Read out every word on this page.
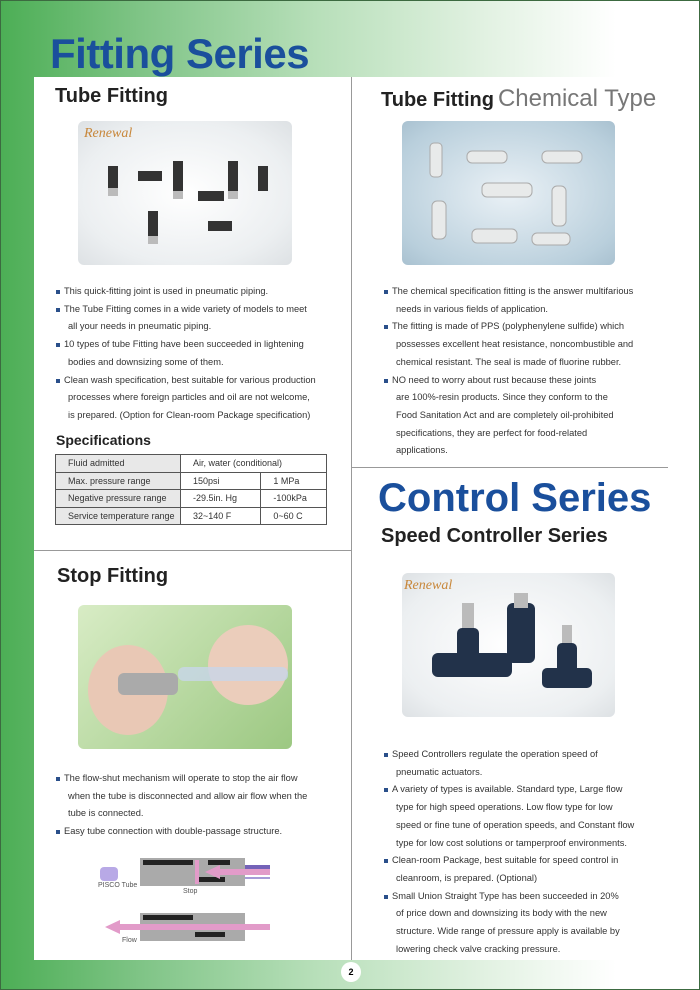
Fitting Series
Tube Fitting
Renewal
This quick-fitting joint is used in pneumatic piping.
The Tube Fitting comes in a wide variety of models to meet
all your needs in pneumatic piping.
10 types of tube Fitting have been succeeded in lightening
bodies and downsizing some of them.
Clean wash specification, best suitable for various production
processes where foreign particles and oil are not welcome,
is prepared. (Option for Clean-room Package specification)
Specifications
Fluid admitted	Air, water (conditional)	
Max. pressure range	150psi	1 MPa
Negative pressure range	-29.5in. Hg	-100kPa
Service temperature range	32~140 F	0~60 C
Tube Fitting Chemical Type
The chemical specification fitting is the answer multifarious
needs in various fields of application.
The fitting is made of PPS (polyphenylene sulfide) which
possesses excellent heat resistance, noncombustible and
chemical resistant. The seal is made of fluorine rubber.
NO need to worry about rust because these joints
are 100%-resin products. Since they conform to the
Food Sanitation Act and are completely oil-prohibited
specifications, they are perfect for food-related
applications.
Stop Fitting
The flow-shut mechanism will operate to stop the air flow
when the tube is disconnected and allow air flow when the
tube is connected.
Easy tube connection with double-passage structure.
PISCO Tube
Stop
Flow
Control Series
Speed Controller Series
Renewal
Speed Controllers regulate the operation speed of
pneumatic actuators.
A variety of types is available. Standard type, Large flow
type for high speed operations. Low flow type for low
speed or fine tune of operation speeds, and Constant flow
type for low cost solutions or tamperproof environments.
Clean-room Package, best suitable for speed control in
cleanroom, is prepared. (Optional)
Small Union Straight Type has been succeeded in 20%
of price down and downsizing its body with the new
structure. Wide range of pressure apply is available by
lowering check valve cracking pressure.
2
